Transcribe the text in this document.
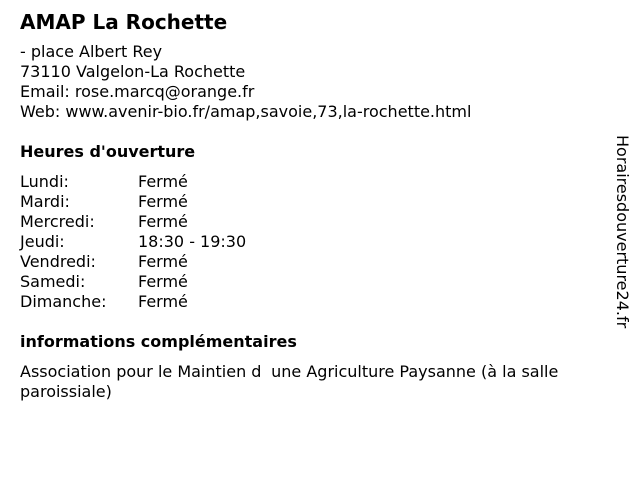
AMAP La Rochette
- place Albert Rey
73110 Valgelon-La Rochette
Email: rose.marcq@orange.fr
Web: www.avenir-bio.fr/amap,savoie,73,la-rochette.html
Heures d'ouverture
Lundi:	Fermé
Mardi:	Fermé
Mercredi:	Fermé
Jeudi:	18:30 - 19:30
Vendredi:	Fermé
Samedi:	Fermé
Dimanche:	Fermé
informations complémentaires
Association pour le Maintien dune Agriculture Paysanne (à la salle paroissiale)
Horairesdouverture24.fr
